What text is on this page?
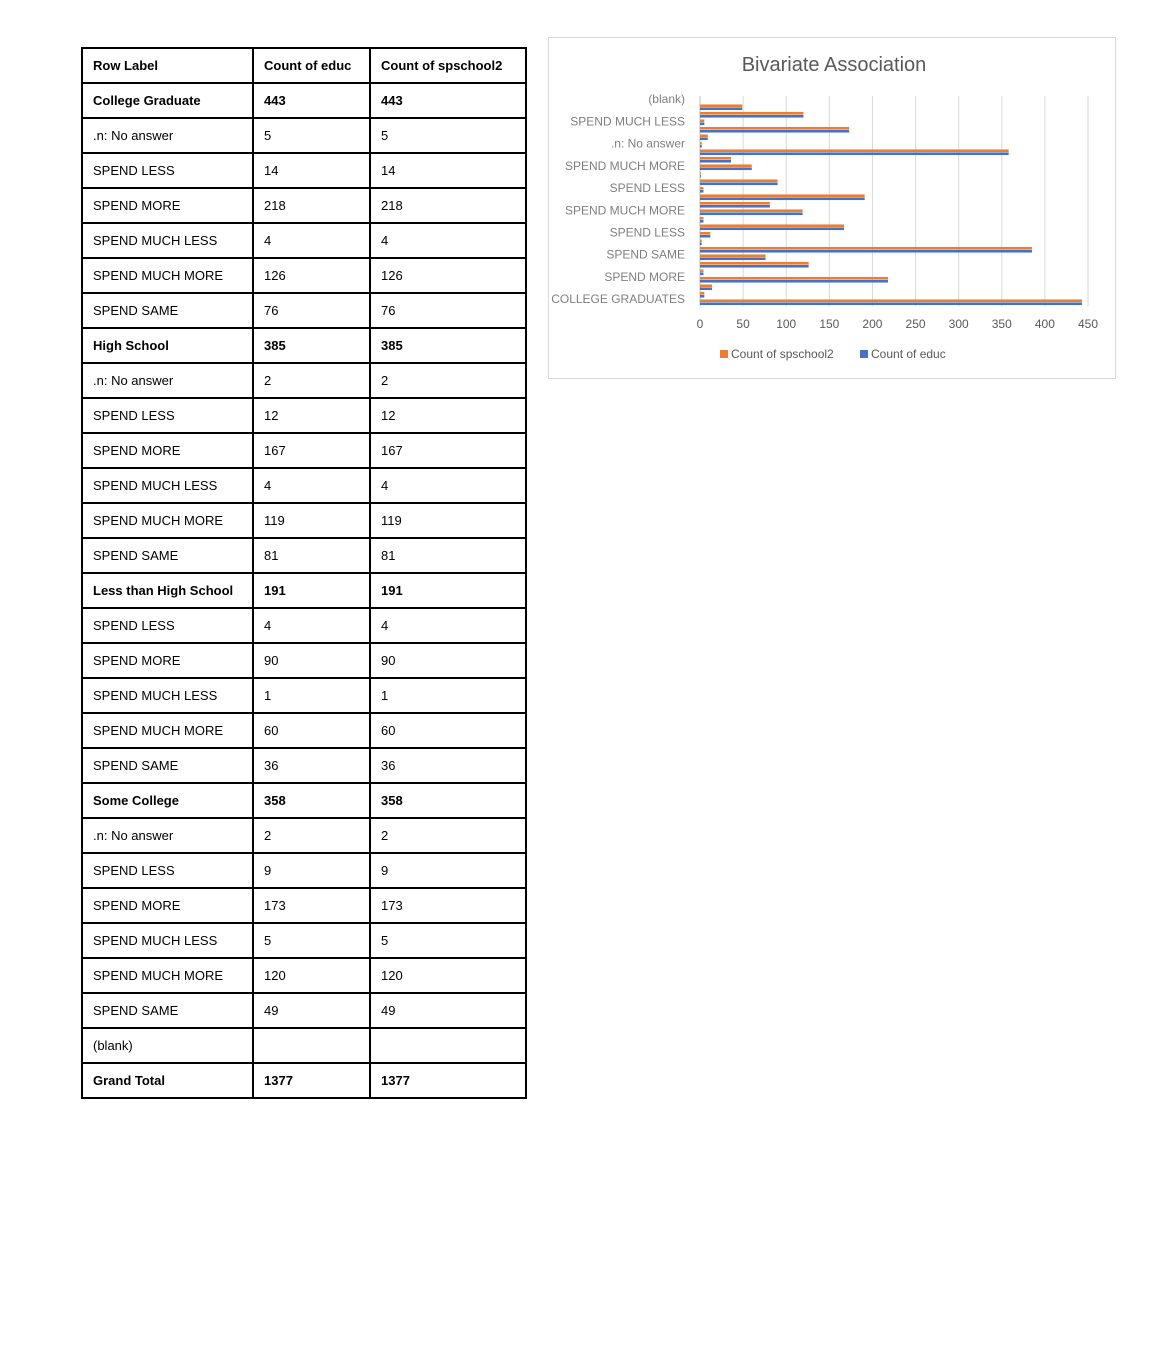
Row Label	Count of educ	Count of spschool2
College Graduate	443	443
.n: No answer	5	5
SPEND LESS	14	14
SPEND MORE	218	218
SPEND MUCH LESS	4	4
SPEND MUCH MORE	126	126
SPEND SAME	76	76
High School	385	385
.n: No answer	2	2
SPEND LESS	12	12
SPEND MORE	167	167
SPEND MUCH LESS	4	4
SPEND MUCH MORE	119	119
SPEND SAME	81	81
Less than High School	191	191
SPEND LESS	4	4
SPEND MORE	90	90
SPEND MUCH LESS	1	1
SPEND MUCH MORE	60	60
SPEND SAME	36	36
Some College	358	358
.n: No answer	2	2
SPEND LESS	9	9
SPEND MORE	173	173
SPEND MUCH LESS	5	5
SPEND MUCH MORE	120	120
SPEND SAME	49	49
(blank)		
Grand Total	1377	1377
Bivariate Association
(blank)
SPEND MUCH LESS
.n: No answer
SPEND MUCH MORE
SPEND LESS
SPEND MUCH MORE
SPEND LESS
SPEND SAME
SPEND MORE
COLLEGE GRADUATES
0	50 100 150 200 250 300 350 400 450
Count of spschool2	Count of educ
